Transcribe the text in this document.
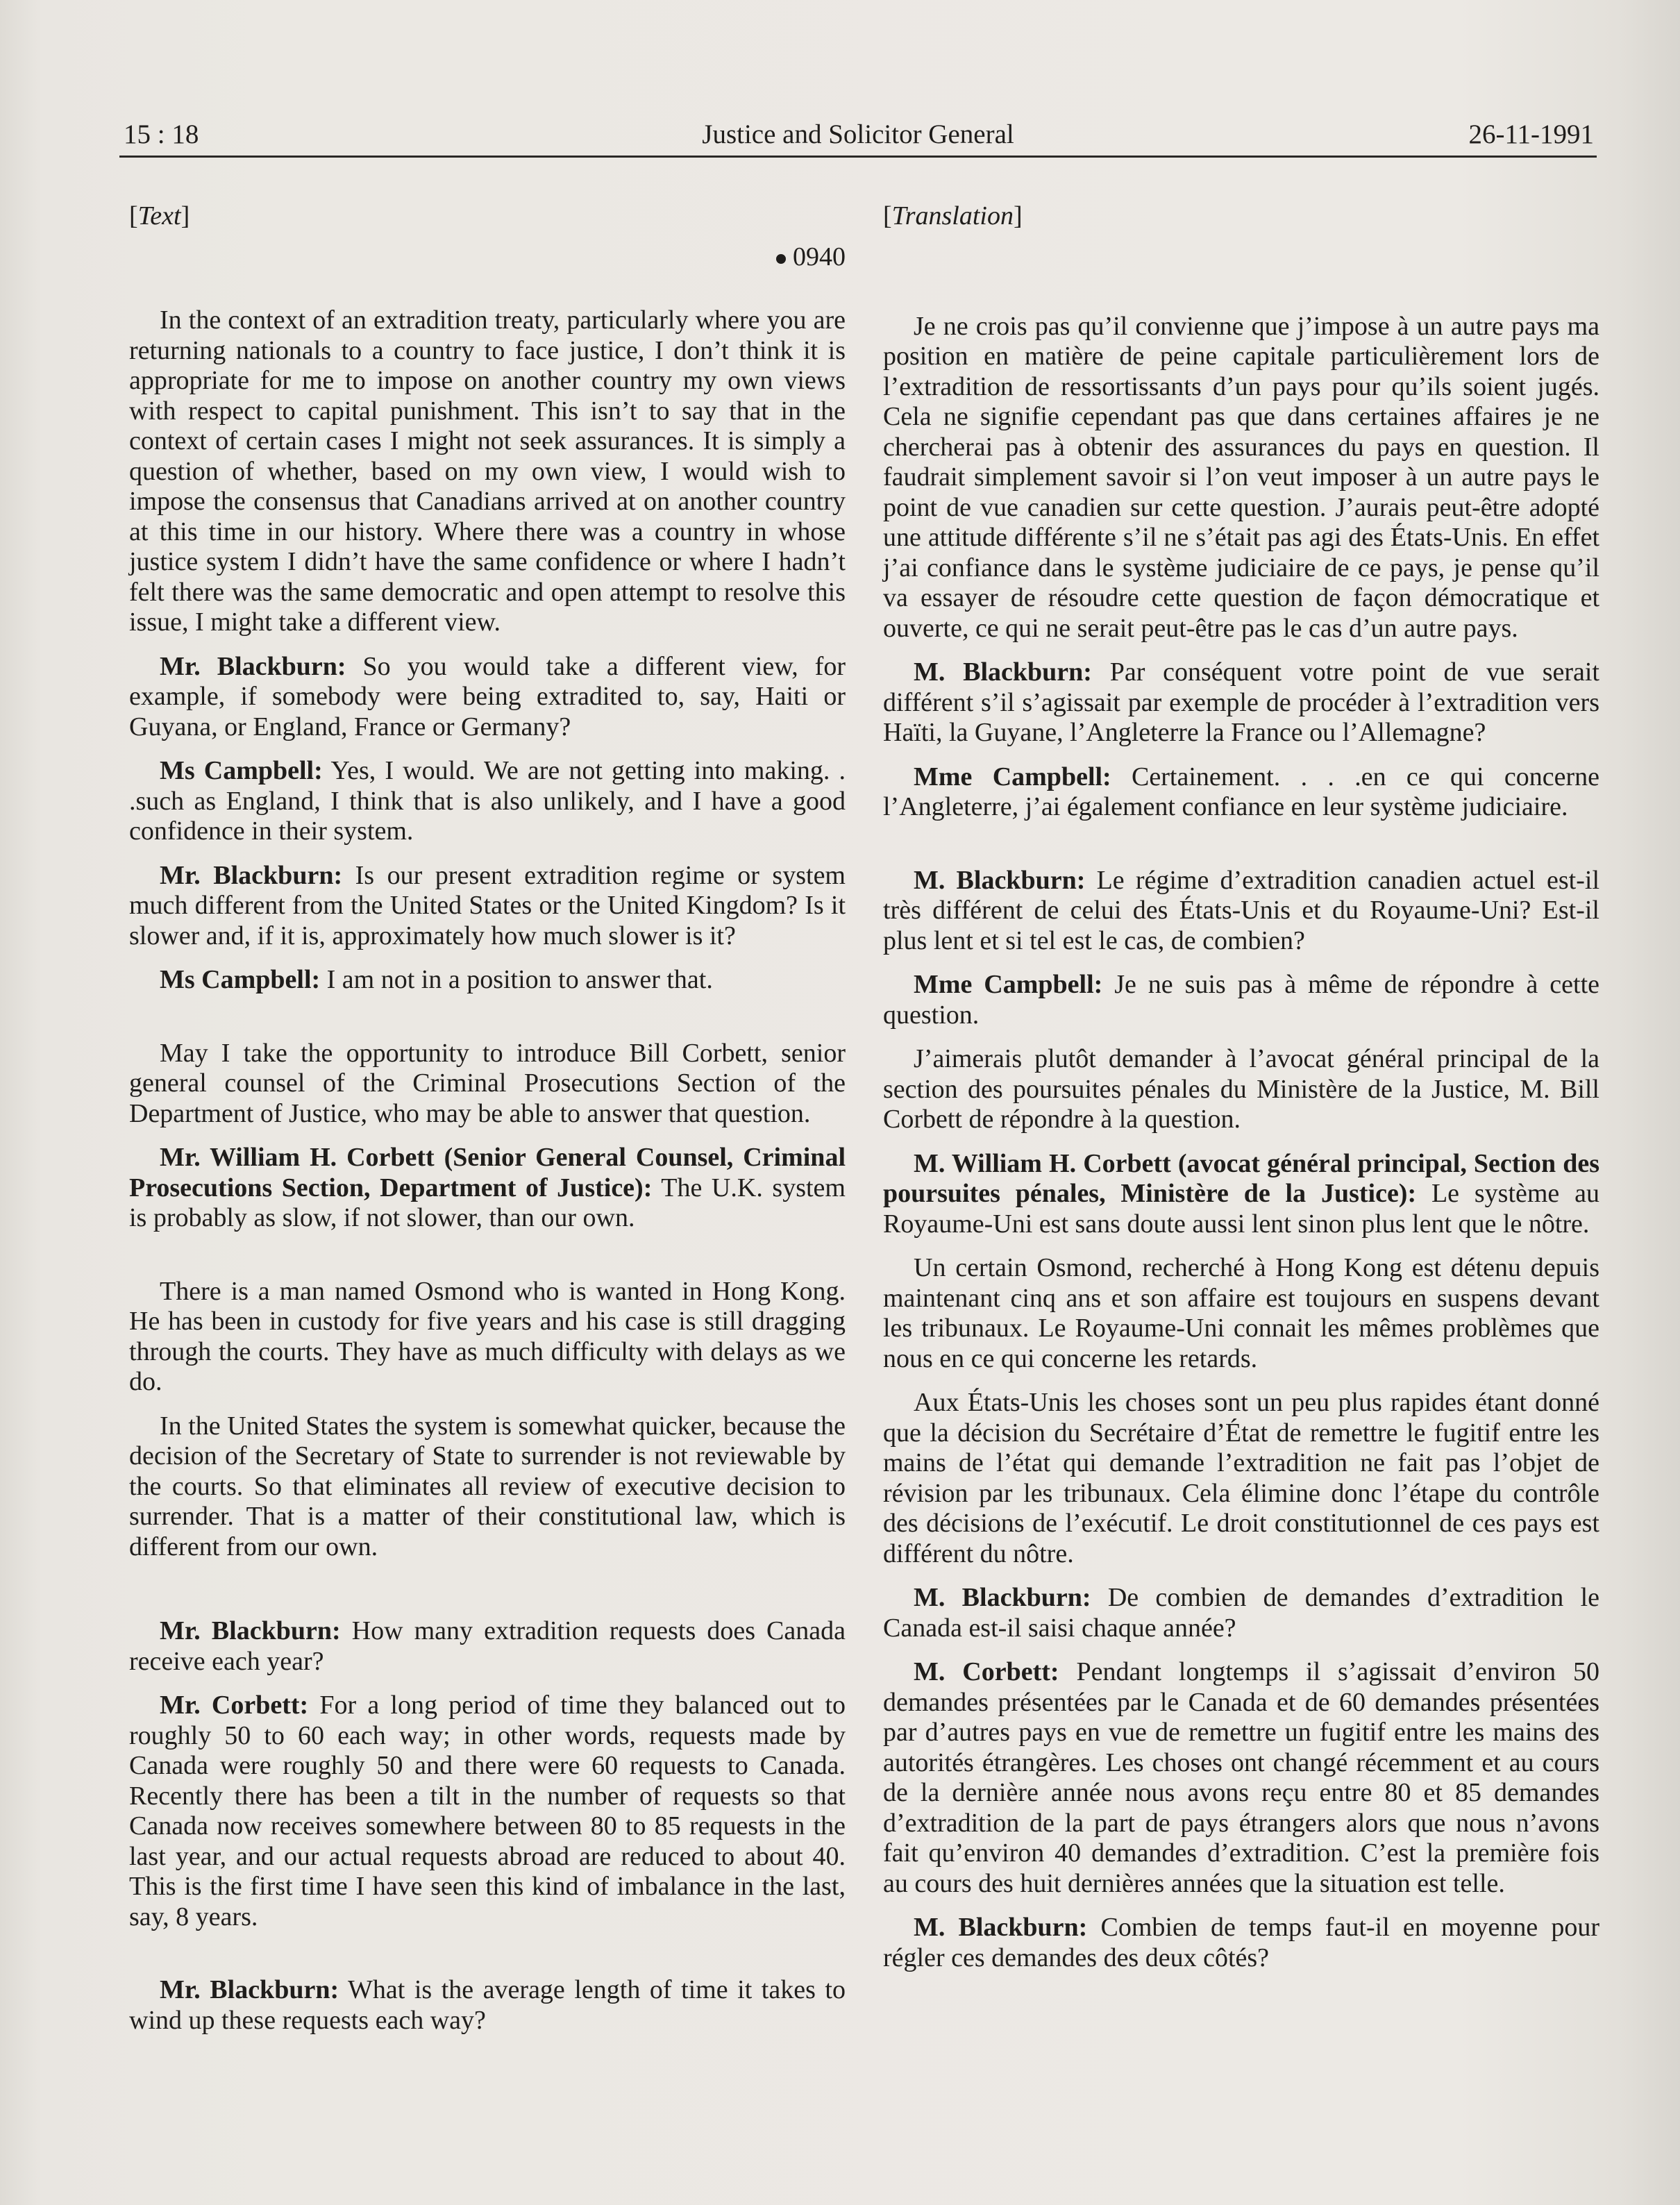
15 : 18	Justice and Solicitor General	26-11-1991
[Text]
0940

In the context of an extradition treaty, particularly where you are returning nationals to a country to face justice, I don’t think it is appropriate for me to impose on another country my own views with respect to capital punishment. This isn’t to say that in the context of certain cases I might not seek assurances. It is simply a question of whether, based on my own view, I would wish to impose the consensus that Canadians arrived at on another country at this time in our history. Where there was a country in whose justice system I didn’t have the same confidence or where I hadn’t felt there was the same democratic and open attempt to resolve this issue, I might take a different view.

Mr. Blackburn: So you would take a different view, for example, if somebody were being extradited to, say, Haiti or Guyana, or England, France or Germany?

Ms Campbell: Yes, I would. We are not getting into making. . .such as England, I think that is also unlikely, and I have a good confidence in their system.

Mr. Blackburn: Is our present extradition regime or system much different from the United States or the United Kingdom? Is it slower and, if it is, approximately how much slower is it?

Ms Campbell: I am not in a position to answer that.

May I take the opportunity to introduce Bill Corbett, senior general counsel of the Criminal Prosecutions Section of the Department of Justice, who may be able to answer that question.

Mr. William H. Corbett (Senior General Counsel, Criminal Prosecutions Section, Department of Justice): The U.K. system is probably as slow, if not slower, than our own.

There is a man named Osmond who is wanted in Hong Kong. He has been in custody for five years and his case is still dragging through the courts. They have as much difficulty with delays as we do.

In the United States the system is somewhat quicker, because the decision of the Secretary of State to surrender is not reviewable by the courts. So that eliminates all review of executive decision to surrender. That is a matter of their constitutional law, which is different from our own.

Mr. Blackburn: How many extradition requests does Canada receive each year?

Mr. Corbett: For a long period of time they balanced out to roughly 50 to 60 each way; in other words, requests made by Canada were roughly 50 and there were 60 requests to Canada. Recently there has been a tilt in the number of requests so that Canada now receives somewhere between 80 to 85 requests in the last year, and our actual requests abroad are reduced to about 40. This is the first time I have seen this kind of imbalance in the last, say, 8 years.

Mr. Blackburn: What is the average length of time it takes to wind up these requests each way?

[Translation]

Je ne crois pas qu’il convienne que j’impose à un autre pays ma position en matière de peine capitale particulièrement lors de l’extradition de ressortissants d’un pays pour qu’ils soient jugés. Cela ne signifie cependant pas que dans certaines affaires je ne chercherai pas à obtenir des assurances du pays en question. Il faudrait simplement savoir si l’on veut imposer à un autre pays le point de vue canadien sur cette question. J’aurais peut-être adopté une attitude différente s’il ne s’était pas agi des États-Unis. En effet j’ai confiance dans le système judiciaire de ce pays, je pense qu’il va essayer de résoudre cette question de façon démocratique et ouverte, ce qui ne serait peut-être pas le cas d’un autre pays.

M. Blackburn: Par conséquent votre point de vue serait différent s’il s’agissait par exemple de procéder à l’extradition vers Haïti, la Guyane, l’Angleterre la France ou l’Allemagne?

Mme Campbell: Certainement. . . .en ce qui concerne l’Angleterre, j’ai également confiance en leur système judiciaire.

M. Blackburn: Le régime d’extradition canadien actuel est-il très différent de celui des États-Unis et du Royaume-Uni? Est-il plus lent et si tel est le cas, de combien?

Mme Campbell: Je ne suis pas à même de répondre à cette question.

J’aimerais plutôt demander à l’avocat général principal de la section des poursuites pénales du Ministère de la Justice, M. Bill Corbett de répondre à la question.

M. William H. Corbett (avocat général principal, Section des poursuites pénales, Ministère de la Justice): Le système au Royaume-Uni est sans doute aussi lent sinon plus lent que le nôtre.

Un certain Osmond, recherché à Hong Kong est détenu depuis maintenant cinq ans et son affaire est toujours en suspens devant les tribunaux. Le Royaume-Uni connait les mêmes problèmes que nous en ce qui concerne les retards.

Aux États-Unis les choses sont un peu plus rapides étant donné que la décision du Secrétaire d’État de remettre le fugitif entre les mains de l’état qui demande l’extradition ne fait pas l’objet de révision par les tribunaux. Cela élimine donc l’étape du contrôle des décisions de l’exécutif. Le droit constitutionnel de ces pays est différent du nôtre.

M. Blackburn: De combien de demandes d’extradition le Canada est-il saisi chaque année?

M. Corbett: Pendant longtemps il s’agissait d’environ 50 demandes présentées par le Canada et de 60 demandes présentées par d’autres pays en vue de remettre un fugitif entre les mains des autorités étrangères. Les choses ont changé récemment et au cours de la dernière année nous avons reçu entre 80 et 85 demandes d’extradition de la part de pays étrangers alors que nous n’avons fait qu’environ 40 demandes d’extradition. C’est la première fois au cours des huit dernières années que la situation est telle.

M. Blackburn: Combien de temps faut-il en moyenne pour régler ces demandes des deux côtés?
